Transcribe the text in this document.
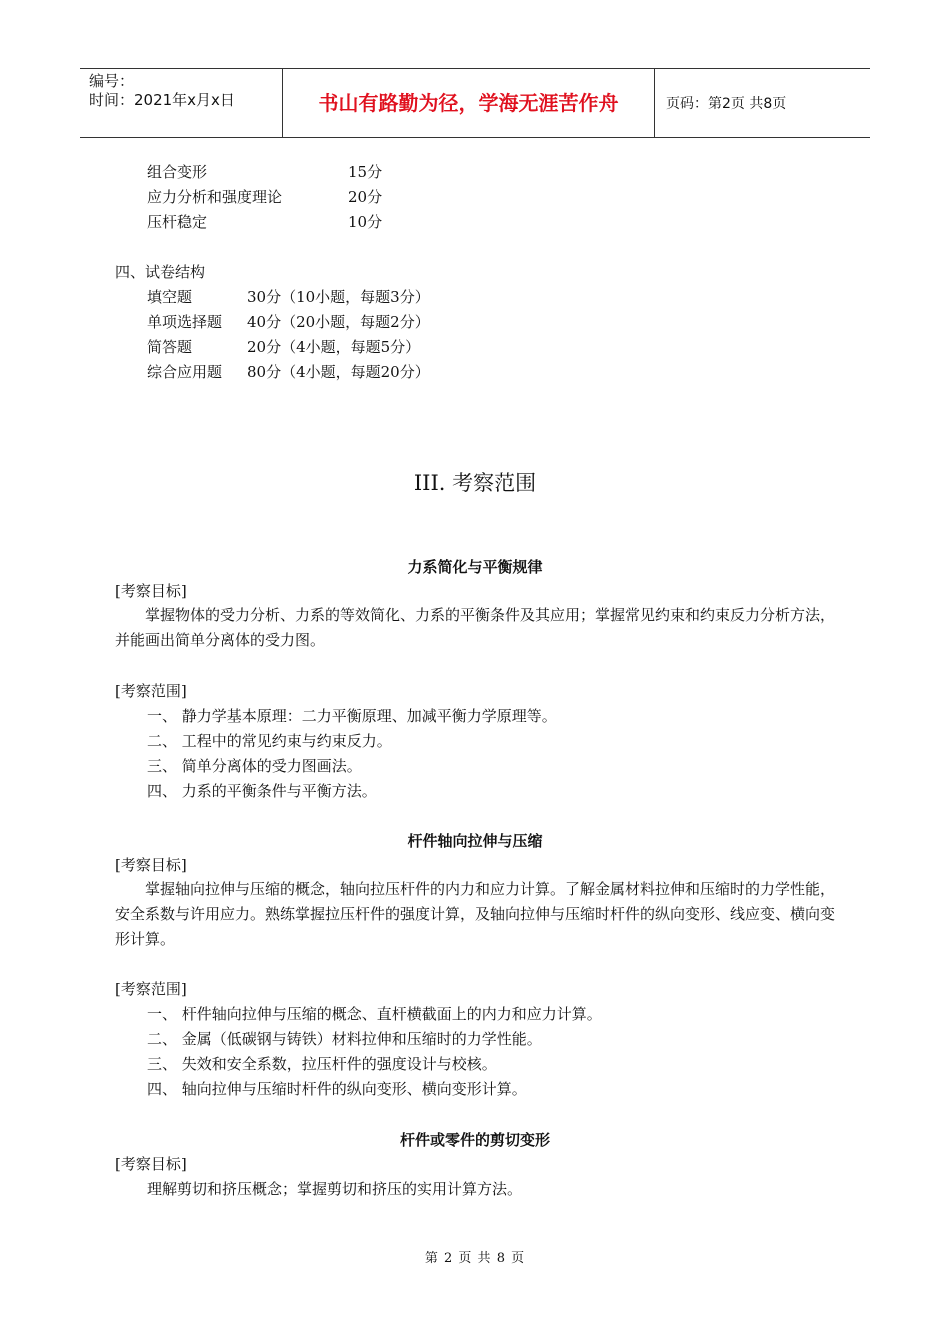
编号：
时间：2021年x月x日	书山有路勤为径，学海无涯苦作舟	页码：第2页 共8页
组合变形	15分
应力分析和强度理论	20分
压杆稳定	10分
四、试卷结构
填空题	30分（10小题，每题3分）
单项选择题 40分（20小题，每题2分）
简答题	20分（4小题，每题5分）
综合应用题 80分（4小题，每题20分）
III. 考察范围
力系简化与平衡规律
[考察目标]
掌握物体的受力分析、力系的等效简化、力系的平衡条件及其应用；掌握常见约束和约束反力分析方法，并能画出简单分离体的受力图。
[考察范围]
一、 静力学基本原理：二力平衡原理、加减平衡力学原理等。
二、 工程中的常见约束与约束反力。
三、 简单分离体的受力图画法。
四、 力系的平衡条件与平衡方法。
杆件轴向拉伸与压缩
[考察目标]
掌握轴向拉伸与压缩的概念，轴向拉压杆件的内力和应力计算。了解金属材料拉伸和压缩时的力学性能，安全系数与许用应力。熟练掌握拉压杆件的强度计算，及轴向拉伸与压缩时杆件的纵向变形、线应变、横向变形计算。
[考察范围]
一、 杆件轴向拉伸与压缩的概念、直杆横截面上的内力和应力计算。
二、 金属（低碳钢与铸铁）材料拉伸和压缩时的力学性能。
三、 失效和安全系数，拉压杆件的强度设计与校核。
四、 轴向拉伸与压缩时杆件的纵向变形、横向变形计算。
杆件或零件的剪切变形
[考察目标]
理解剪切和挤压概念；掌握剪切和挤压的实用计算方法。
第 2 页 共 8 页
